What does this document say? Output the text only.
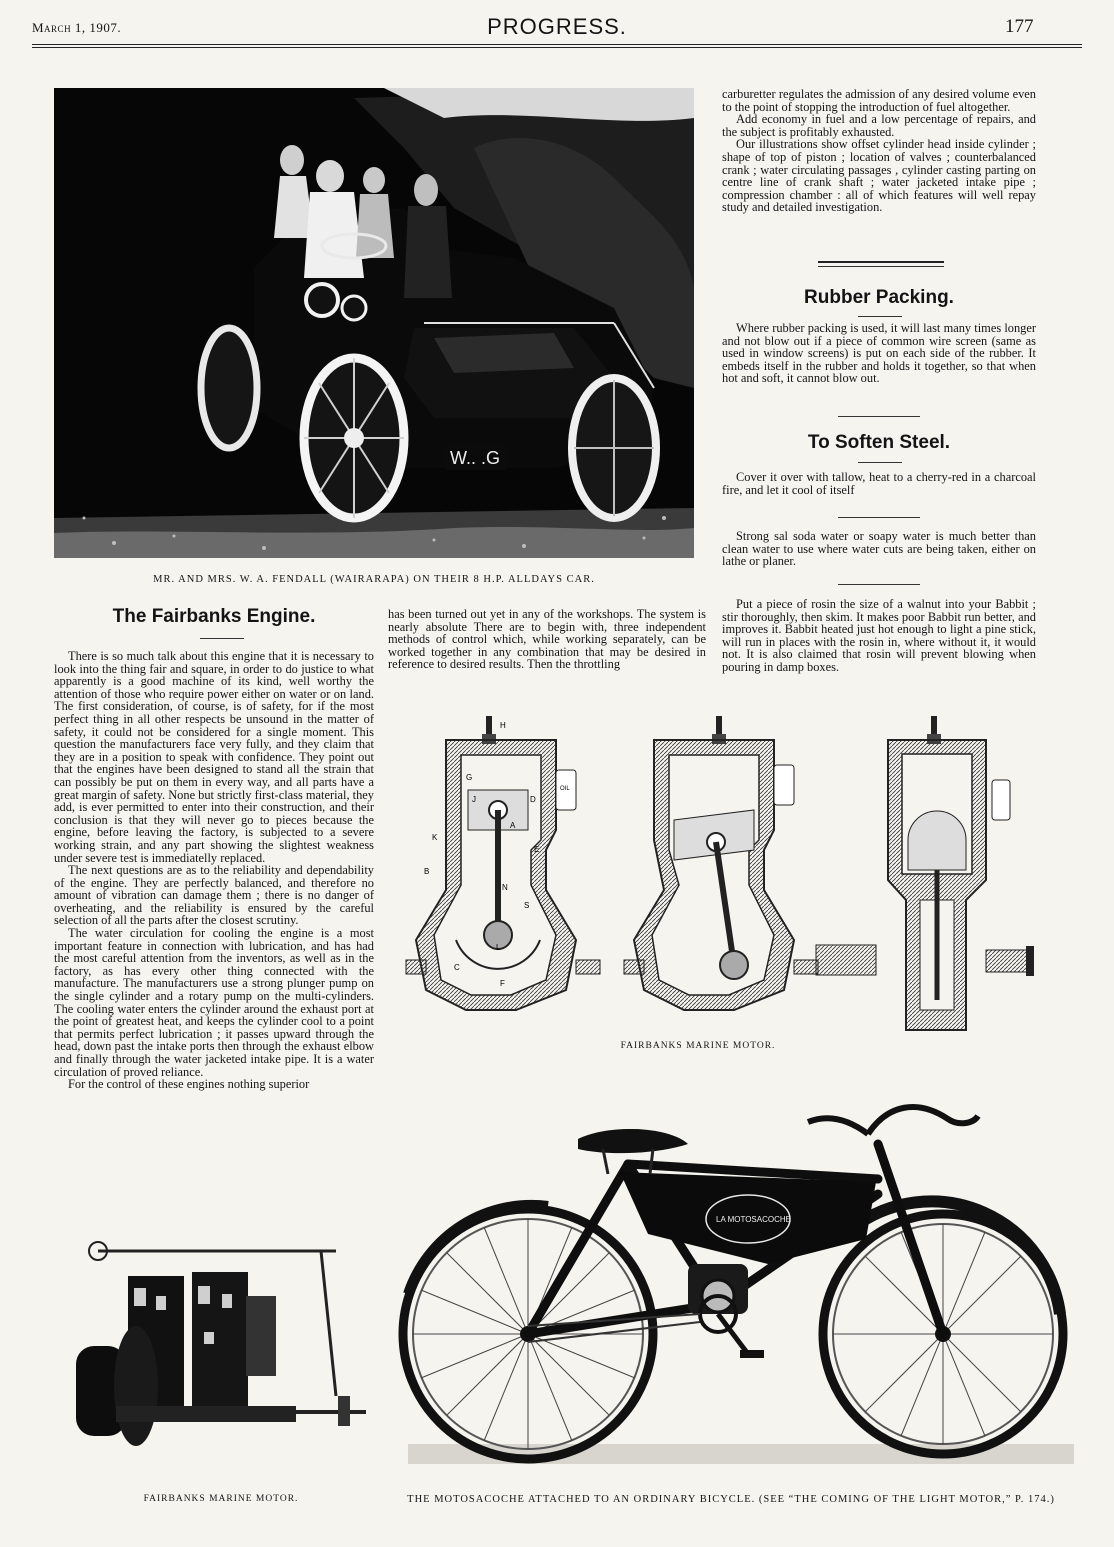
March 1, 1907.	PROGRESS.	177
W.. .G
MR. AND MRS. W. A. FENDALL (WAIRARAPA) ON THEIR 8 H.P. ALLDAYS CAR.

carburetter regulates the admission of any desired volume even to the point of stopping the introduction of fuel altogether.

Add economy in fuel and a low percentage of repairs, and the subject is profitably exhausted.

Our illustrations show offset cylinder head inside cylinder ; shape of top of piston ; location of valves ; counterbalanced crank ; water circulating passages , cylinder casting parting on centre line of crank shaft ; water jacketed intake pipe ; compression chamber : all of which features will well repay study and detailed investigation.

Rubber Packing.
Where rubber packing is used, it will last many times longer and not blow out if a piece of common wire screen (same as used in window screens) is put on each side of the rubber. It embeds itself in the rubber and holds it together, so that when hot and soft, it cannot blow out.
To Soften Steel.
Cover it over with tallow, heat to a cherry-red in a charcoal fire, and let it cool of itself
Strong sal soda water or soapy water is much better than clean water to use where water cuts are being taken, either on lathe or planer.
Put a piece of rosin the size of a walnut into your Babbit ; stir thoroughly, then skim. It makes poor Babbit run better, and improves it. Babbit heated just hot enough to light a pine stick, will run in places with the rosin in, where without it, it would not. It is also claimed that rosin will prevent blowing when pouring in damp boxes.
The Fairbanks Engine.

There is so much talk about this engine that it is necessary to look into the thing fair and square, in order to do justice to what apparently is a good machine of its kind, well worthy the attention of those who require power either on water or on land. The first consideration, of course, is of safety, for if the most perfect thing in all other respects be unsound in the matter of safety, it could not be considered for a single moment. This question the manufacturers face very fully, and they claim that they are in a position to speak with confidence. They point out that the engines have been designed to stand all the strain that can possibly be put on them in every way, and all parts have a great margin of safety. None but strictly first-class material, they add, is ever permitted to enter into their construction, and their conclusion is that they will never go to pieces because the engine, before leaving the factory, is subjected to a severe working strain, and any part showing the slightest weakness under severe test is immediatelly replaced.

The next questions are as to the reliability and dependability of the engine. They are perfectly balanced, and therefore no amount of vibration can damage them ; there is no danger of overheating, and the reliability is ensured by the careful selection of all the parts after the closest scrutiny.

The water circulation for cooling the engine is a most important feature in connection with lubrication, and has had the most careful attention from the inventors, as well as in the factory, as has every other thing connected with the manufacture. The manufacturers use a strong plunger pump on the single cylinder and a rotary pump on the multi-cylinders. The cooling water enters the cylinder around the exhaust port at the point of greatest heat, and keeps the cylinder cool to a point that permits perfect lubrication ; it passes upward through the head, down past the intake ports then through the exhaust elbow and finally through the water jacketed intake pipe. It is a water circulation of proved reliance.

For the control of these engines nothing superior

has been turned out yet in any of the workshops. The system is nearly absolute There are to begin with, three independent methods of control which, while working separately, can be worked together in any combination that may be desired in reference to desired results. Then the throttling
H
G
J	D
A
K
E
B
N
S
L
C
F
OIL
FAIRBANKS MARINE MOTOR.
FAIRBANKS MARINE MOTOR.
LA MOTOSACOCHE
THE MOTOSACOCHE ATTACHED TO AN ORDINARY BICYCLE. (SEE “THE COMING OF THE LIGHT MOTOR,” P. 174.)
